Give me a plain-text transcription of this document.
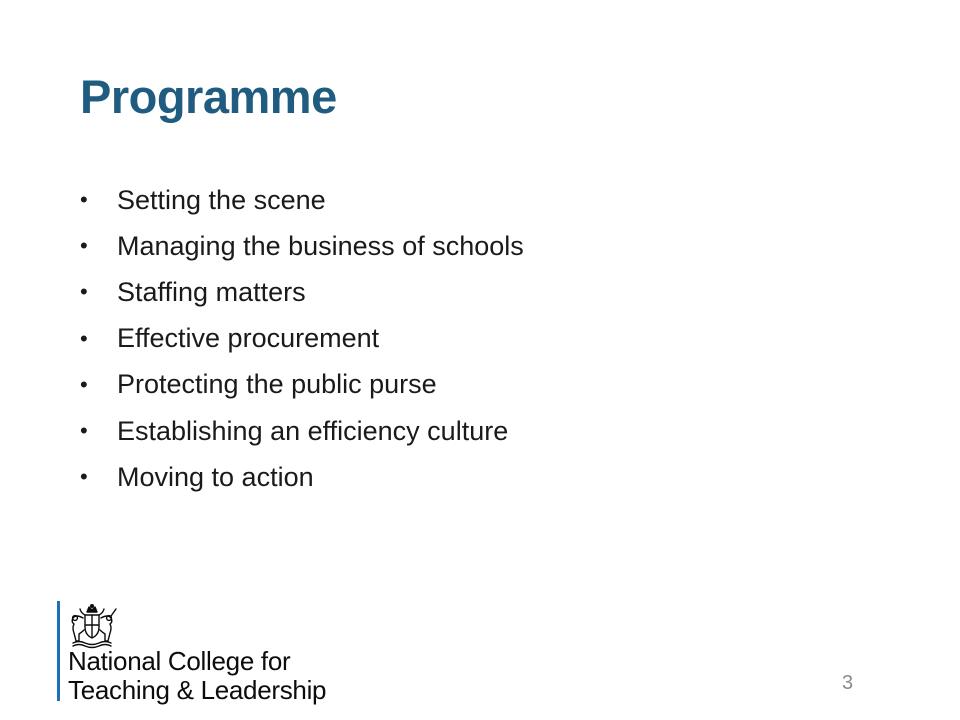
Programme
•	Setting the scene
•	Managing the business of schools
•	Staffing matters
•	Effective procurement
•	Protecting the public purse
•	Establishing an efficiency culture
•	Moving to action
National College for
Teaching & Leadership	3
